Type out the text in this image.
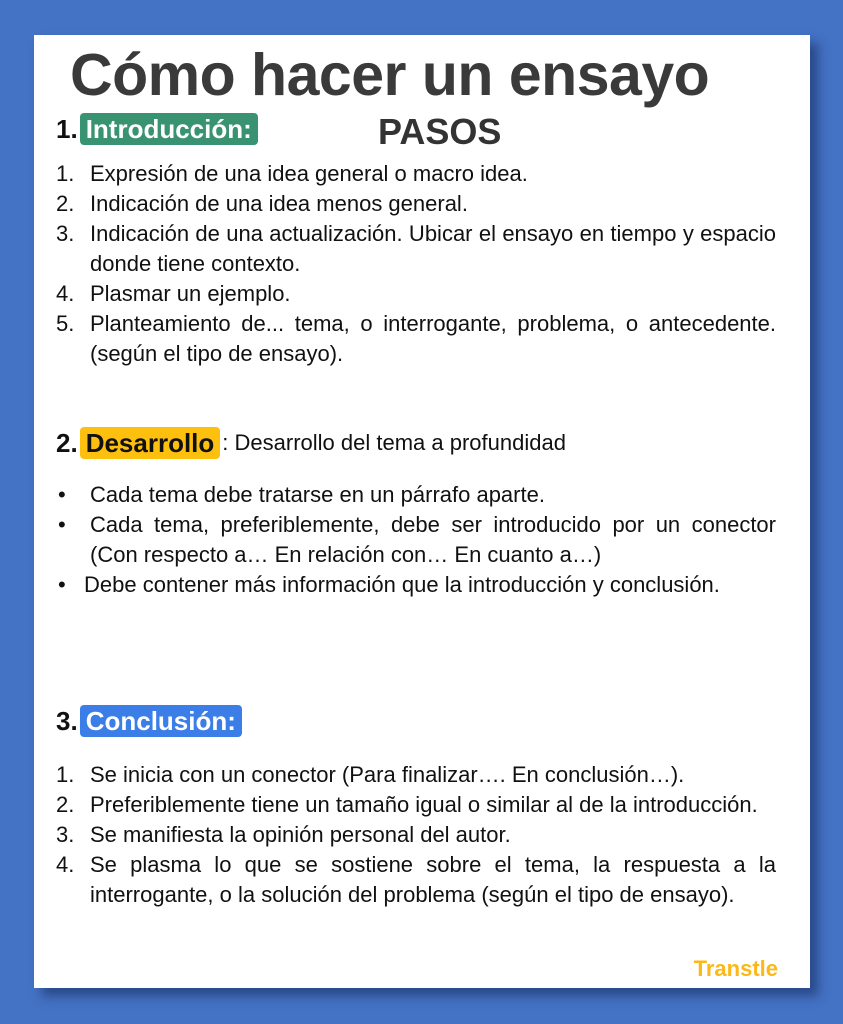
Cómo hacer un ensayo
1. Introducción:	PASOS
1. Expresión de una idea general o macro idea.
2. Indicación de una idea menos general.
3. Indicación de una actualización. Ubicar el ensayo en tiempo y espacio donde tiene contexto.
4. Plasmar un ejemplo.
5. Planteamiento de... tema, o interrogante, problema, o antecedente. (según el tipo de ensayo).
2. Desarrollo : Desarrollo del tema a profundidad
• Cada tema debe tratarse en un párrafo aparte.
• Cada tema, preferiblemente, debe ser introducido por un conector (Con respecto a… En relación con… En cuanto a…)
• Debe contener más información que la introducción y conclusión.
3. Conclusión:
1. Se inicia con un conector (Para finalizar…. En conclusión…).
2. Preferiblemente tiene un tamaño igual o similar al de la introducción.
3. Se manifiesta la opinión personal del autor.
4. Se plasma lo que se sostiene sobre el tema, la respuesta a la interrogante, o la solución del problema (según el tipo de ensayo).
Transtle
